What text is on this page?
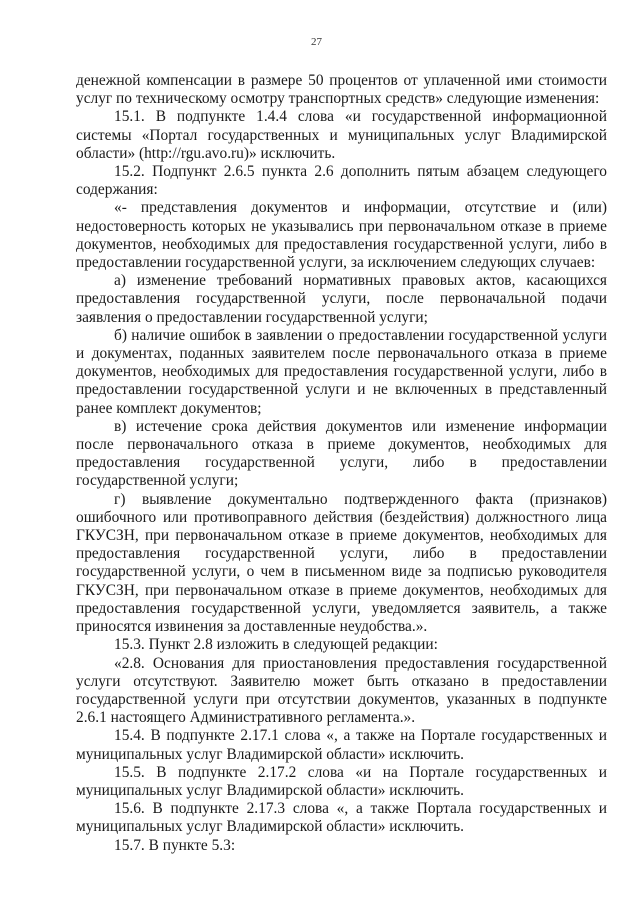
27

денежной компенсации в размере 50 процентов от уплаченной ими стоимости услуг по техническому осмотру транспортных средств» следующие изменения:

15.1. В подпункте 1.4.4 слова «и государственной информационной системы «Портал государственных и муниципальных услуг Владимирской области» (http://rgu.avo.ru)» исключить.

15.2. Подпункт 2.6.5 пункта 2.6 дополнить пятым абзацем следующего содержания:

«- представления документов и информации, отсутствие и (или) недостоверность которых не указывались при первоначальном отказе в приеме документов, необходимых для предоставления государственной услуги, либо в предоставлении государственной услуги, за исключением следующих случаев:

а) изменение требований нормативных правовых актов, касающихся предоставления государственной услуги, после первоначальной подачи заявления о предоставлении государственной услуги;

б) наличие ошибок в заявлении о предоставлении государственной услуги и документах, поданных заявителем после первоначального отказа в приеме документов, необходимых для предоставления государственной услуги, либо в предоставлении государственной услуги и не включенных в представленный ранее комплект документов;

в) истечение срока действия документов или изменение информации после первоначального отказа в приеме документов, необходимых для предоставления государственной услуги, либо в предоставлении государственной услуги;

г) выявление документально подтвержденного факта (признаков) ошибочного или противоправного действия (бездействия) должностного лица ГКУСЗН, при первоначальном отказе в приеме документов, необходимых для предоставления государственной услуги, либо в предоставлении государственной услуги, о чем в письменном виде за подписью руководителя ГКУСЗН, при первоначальном отказе в приеме документов, необходимых для предоставления государственной услуги, уведомляется заявитель, а также приносятся извинения за доставленные неудобства.».

15.3. Пункт 2.8 изложить в следующей редакции:

«2.8. Основания для приостановления предоставления государственной услуги отсутствуют. Заявителю может быть отказано в предоставлении государственной услуги при отсутствии документов, указанных в подпункте 2.6.1 настоящего Административного регламента.».

15.4. В подпункте 2.17.1 слова «, а также на Портале государственных и муниципальных услуг Владимирской области» исключить.

15.5. В подпункте 2.17.2 слова «и на Портале государственных и муниципальных услуг Владимирской области» исключить.

15.6. В подпункте 2.17.3 слова «, а также Портала государственных и муниципальных услуг Владимирской области» исключить.

15.7. В пункте 5.3:
